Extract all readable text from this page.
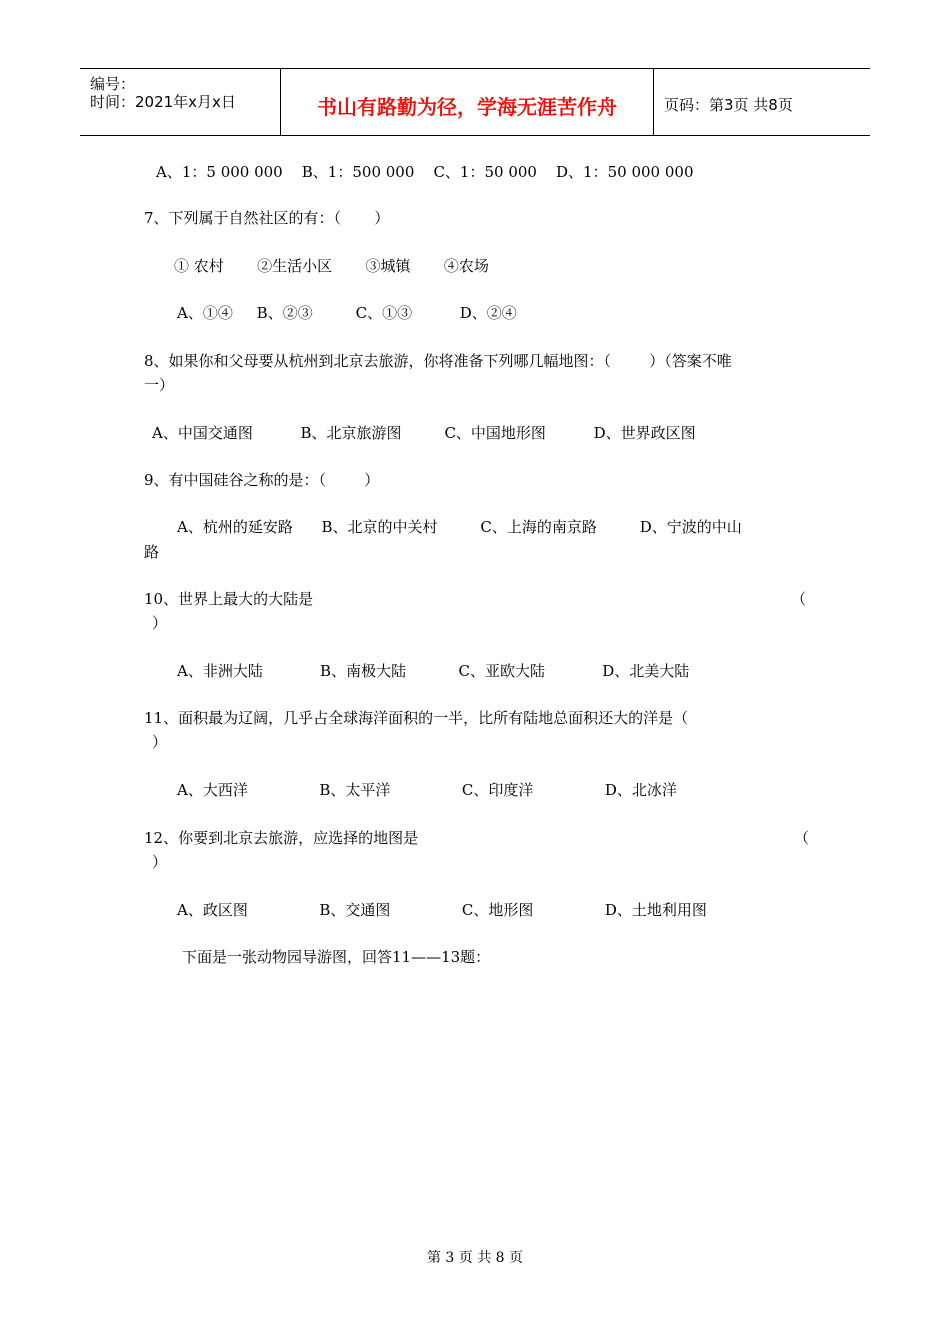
编号：
时间：2021年x月x日	书山有路勤为径，学海无涯苦作舟	页码：第3页 共8页
A、1：5 000 000    B、1：500 000    C、1：50 000    D、1：50 000 000
7、下列属于自然社区的有：（       ）
① 农村       ②生活小区       ③城镇       ④农场
A、①④     B、②③         C、①③          D、②④
8、如果你和父母要从杭州到北京去旅游，你将准备下列哪几幅地图：（        ）（答案不唯
一）
A、中国交通图          B、北京旅游图         C、中国地形图          D、世界政区图
9、有中国硅谷之称的是：（        ）
A、杭州的延安路      B、北京的中关村         C、上海的南京路         D、宁波的中山
路
10、世界上最大的大陆是	（
）
A、非洲大陆            B、南极大陆           C、亚欧大陆            D、北美大陆
11、面积最为辽阔，几乎占全球海洋面积的一半，比所有陆地总面积还大的洋是（
）
A、大西洋               B、太平洋               C、印度洋               D、北冰洋
12、你要到北京去旅游，应选择的地图是	（
）
A、政区图               B、交通图               C、地形图               D、土地利用图
下面是一张动物园导游图，回答11——13题：
第 3 页 共 8 页
